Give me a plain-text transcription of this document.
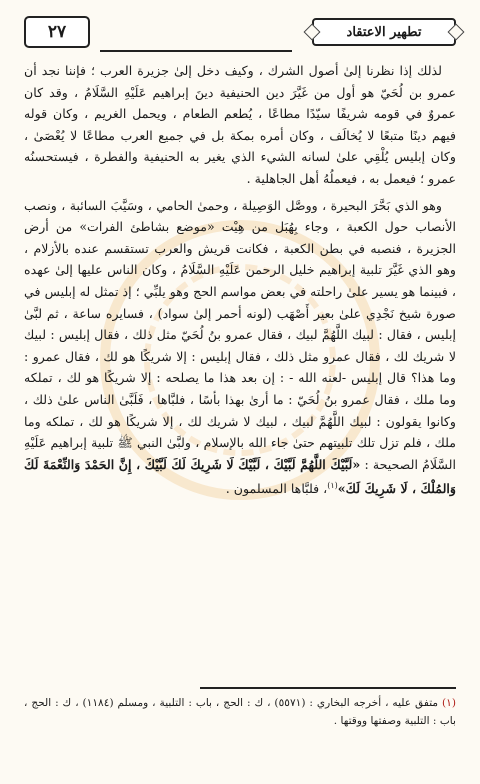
٢٧	تطهير الاعتقاد

لذلك إذا نظرنا إلىٰ أصول الشرك ، وكيف دخل إلىٰ جزيرة العرب ؛ فإننا نجد أن عمرو بن لُحَيّ هو أول من غَيَّرَ دين الحنيفية دينَ إبراهيم عَلَيْهِ السَّلَامُ ، وقد كان عمروٌ في قومه شريفًا سيّدًا مطاعًا ، يُطعم الطعام ، ويحمل الغريم ، وكان قوله فيهم دينًا متبعًا لا يُخالَف ، وكان أمره بمكة بل في جميع العرب مطاعًا لا يُعْصَىٰ ، وكان إبليس يُلْقِي علىٰ لسانه الشيء الذي يغير به الحنيفية والفطرة ، فيستحسنُه عمرو ؛ فيعمل به ، فيعملُهُ أهل الجاهلية .

وهو الذي بَحَّرَ البحيرة ، ووصَّل الوَصِيلة ، وحمىٰ الحامي ، وسَيَّبَ السائبة ، ونصب الأنصاب حول الكعبة ، وجاء بِهُبَل من هِيْت «موضع بشاطئ الفرات» من أرض الجزيرة ، فنصبه في بطن الكعبة ، فكانت قريش والعرب تستقسم عنده بالأزلام ، وهو الذي غَيَّرَ تلبية إبراهيم خليل الرحمن عَلَيْهِ السَّلَامُ ، وكان الناس عليها إلىٰ عهده ، فبينما هو يسير علىٰ راحلته في بعض مواسم الحج وهو يلبِّي ؛ إذ تمثل له إبليس في صورة شيخ نَجْدِي علىٰ بعير أَصْهَب (لونه أحمر إلىٰ سواد) ، فسايره ساعة ، ثم لبَّىٰ إبليس ، فقال : لبيك اللَّهُمَّ لبيك ، فقال عمرو بنُ لُحَيّ مثل ذلك ، فقال إبليس : لبيك لا شريك لك ، فقال عمرو مثل ذلك ، فقال إبليس : إلا شريكًا هو لك ، فقال عمرو : وما هذا؟ قال إبليس -لعنه الله - : إن بعد هذا ما يصلحه : إلا شريكًا هو لك ، تملكه وما ملك ، فقال عمرو بنُ لُحَيّ : ما أرىٰ بهذا بأسًا ، فلبَّاها ، فَلَبَّىٰ الناس علىٰ ذلك ، وكانوا يقولون : لبيك اللَّهُمَّ لبيك ، لبيك لا شريك لك ، إلا شريكًا هو لك ، تملكه وما ملك ، فلم تزل تلك تلبيتهم حتىٰ جاء الله بالإسلام ، ولبَّىٰ النبي ﷺ تلبية إبراهيم عَلَيْهِ السَّلَامُ الصحيحة : «لَبَّيْكَ اللَّهُمَّ لَبَّيْكَ ، لَبَّيْكَ لَا شَرِيكَ لَكَ لَبَّيْكَ ، إِنَّ الحَمْدَ وَالنِّعْمَةَ لَكَ وَالمُلْكَ ، لَا شَرِيكَ لَكَ»$^{(١)}$، فلبَّاها المسلمون .

(١) متفق عليه ، أخرجه البخاري : (٥٥٧١) ، ك : الحج ، باب : التلبية ، ومسلم (١١٨٤) ، ك : الحج ، باب : التلبية وصفتها ووقتها .
